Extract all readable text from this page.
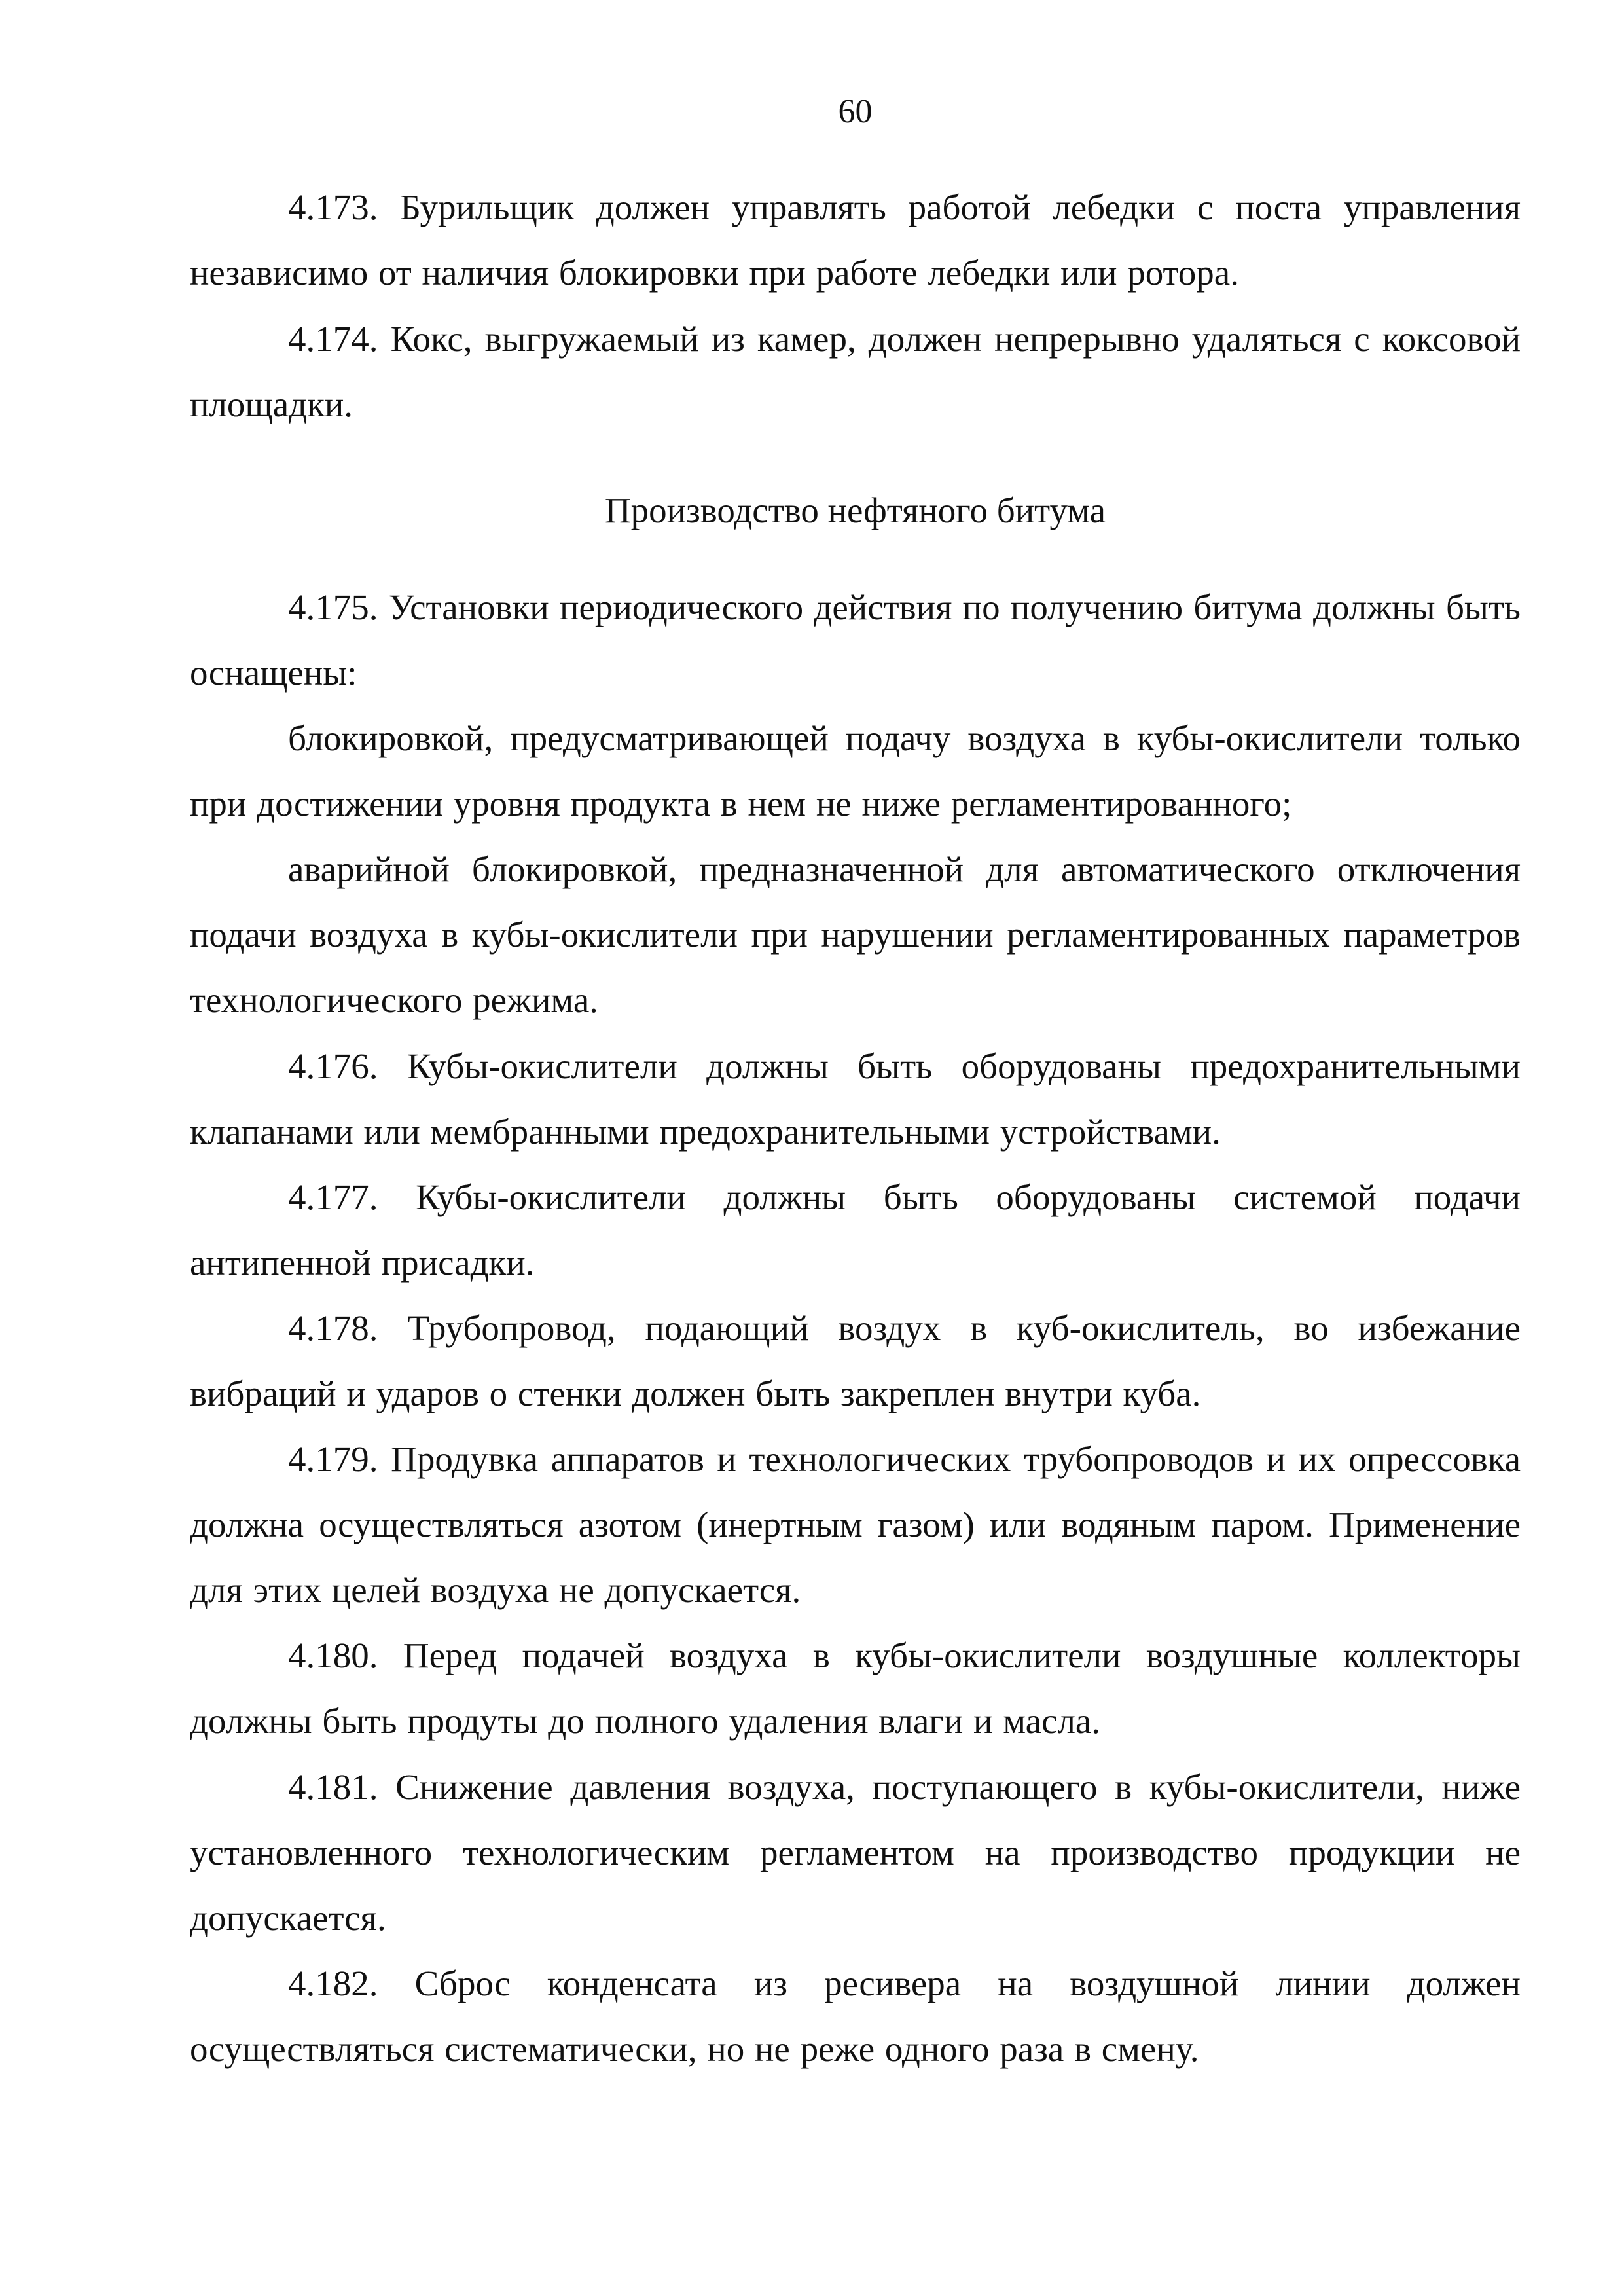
60

4.173. Бурильщик должен управлять работой лебедки с поста управления независимо от наличия блокировки при работе лебедки или ротора.

4.174. Кокс, выгружаемый из камер, должен непрерывно удаляться с коксовой площадки.

Производство нефтяного битума

4.175. Установки периодического действия по получению битума должны быть оснащены:

блокировкой, предусматривающей подачу воздуха в кубы-окислители только при достижении уровня продукта в нем не ниже регламентированного;

аварийной блокировкой, предназначенной для автоматического отключения подачи воздуха в кубы-окислители при нарушении регламентированных параметров технологического режима.

4.176. Кубы-окислители должны быть оборудованы предохранительными клапанами или мембранными предохранительными устройствами.

4.177. Кубы-окислители должны быть оборудованы системой подачи антипенной присадки.

4.178. Трубопровод, подающий воздух в куб-окислитель, во избежание вибраций и ударов о стенки должен быть закреплен внутри куба.

4.179. Продувка аппаратов и технологических трубопроводов и их опрессовка должна осуществляться азотом (инертным газом) или водяным паром. Применение для этих целей воздуха не допускается.

4.180. Перед подачей воздуха в кубы-окислители воздушные коллекторы должны быть продуты до полного удаления влаги и масла.

4.181. Снижение давления воздуха, поступающего в кубы-окислители, ниже установленного технологическим регламентом на производство продукции не допускается.

4.182. Сброс конденсата из ресивера на воздушной линии должен осуществляться систематически, но не реже одного раза в смену.
